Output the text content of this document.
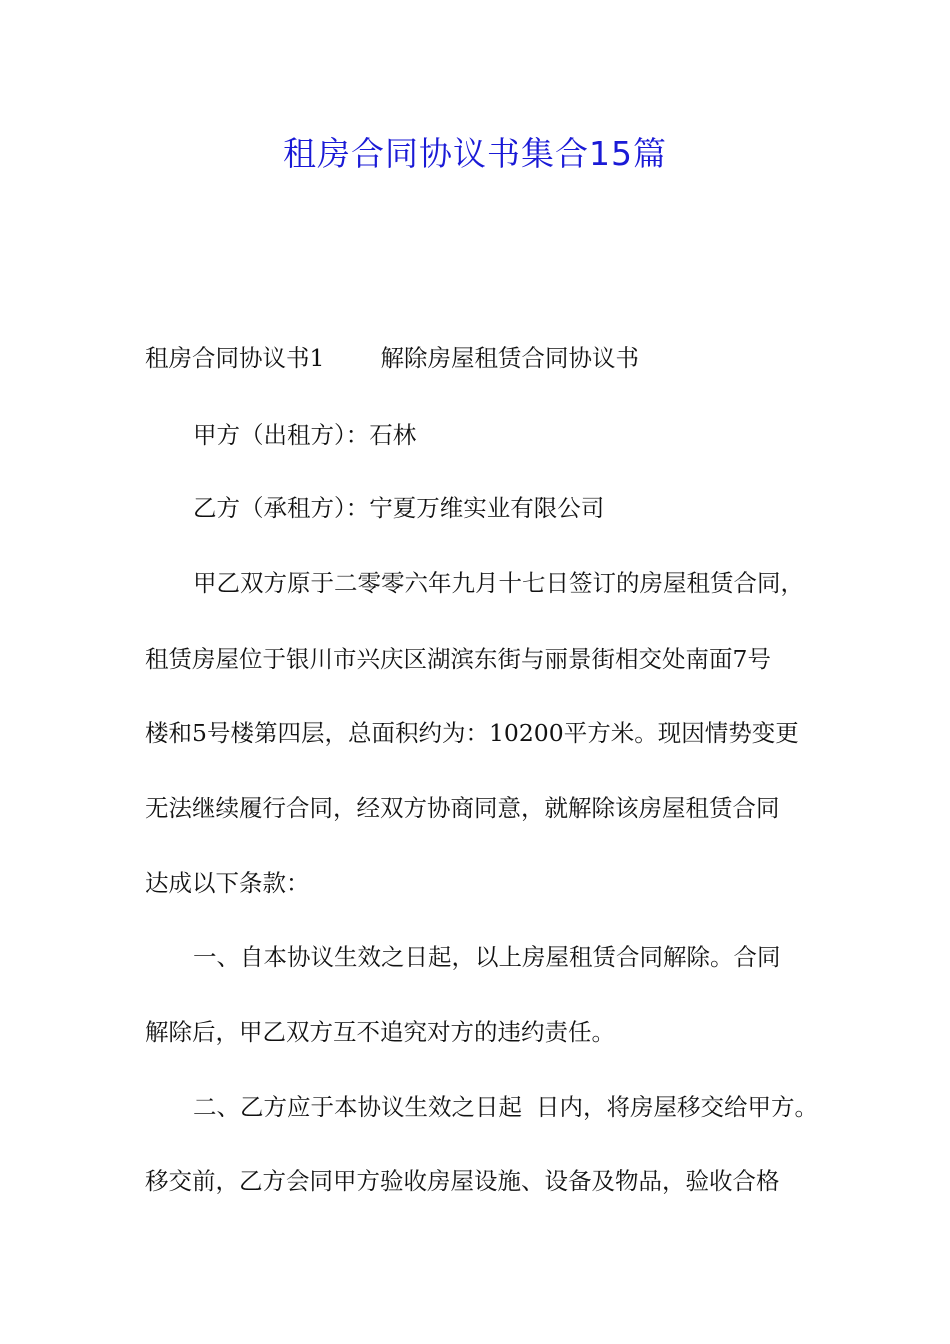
租房合同协议书集合15篇

租房合同协议书1 解除房屋租赁合同协议书

甲方（出租方）：石林

乙方（承租方）：宁夏万维实业有限公司

甲乙双方原于二零零六年九月十七日签订的房屋租赁合同，

租赁房屋位于银川市兴庆区湖滨东街与丽景街相交处南面7号

楼和5号楼第四层，总面积约为：10200平方米。现因情势变更

无法继续履行合同，经双方协商同意，就解除该房屋租赁合同

达成以下条款：

一、自本协议生效之日起，以上房屋租赁合同解除。合同

解除后，甲乙双方互不追究对方的违约责任。

二、乙方应于本协议生效之日起 日内，将房屋移交给甲方。

移交前，乙方会同甲方验收房屋设施、设备及物品，验收合格
